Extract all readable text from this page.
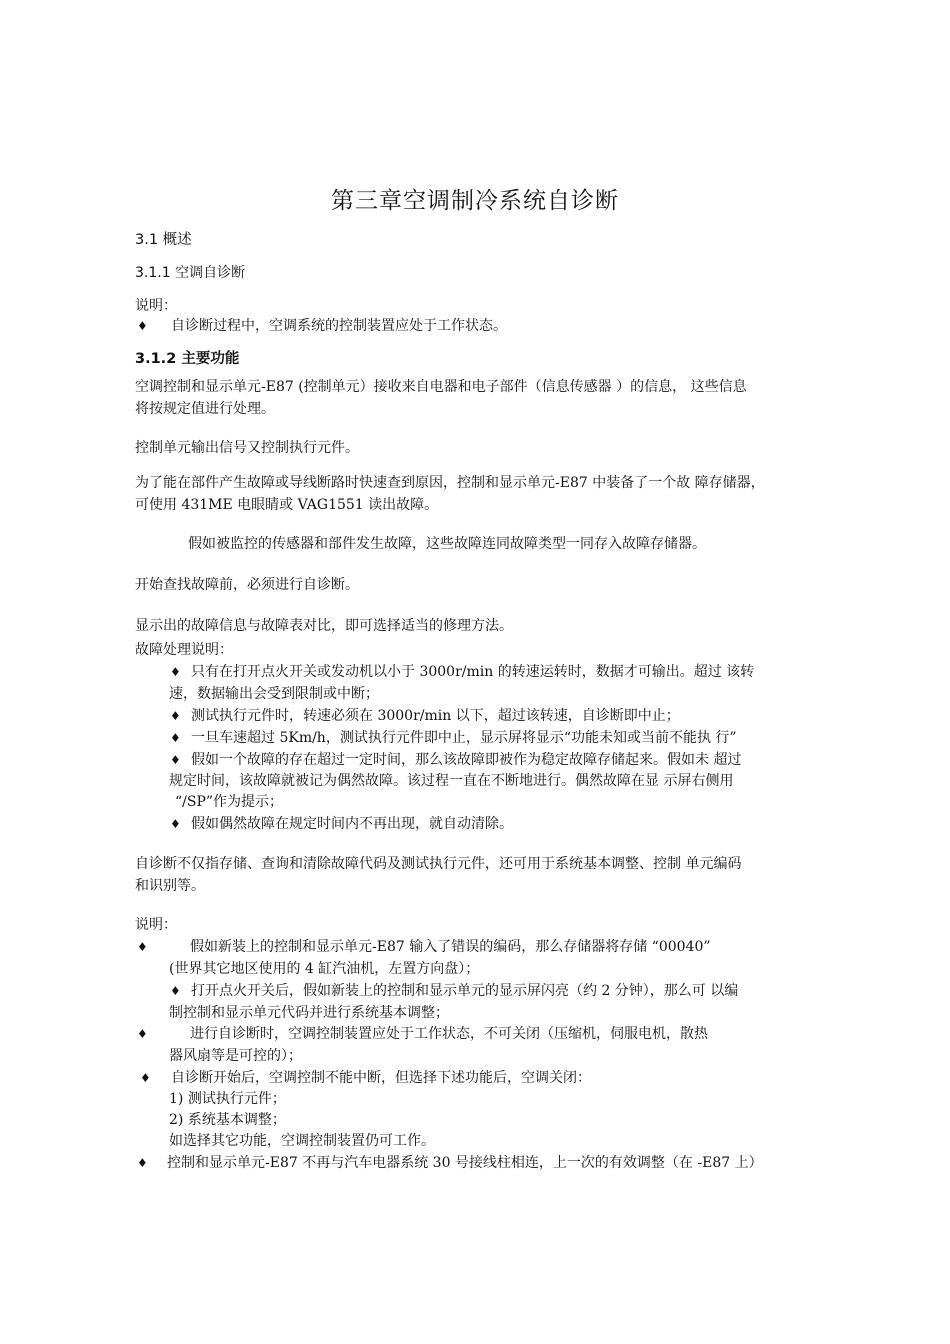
第三章空调制冷系统自诊断
3.1 概述
3.1.1 空调自诊断
说明：
♦ 自诊断过程中，空调系统的控制装置应处于工作状态。
3.1.2 主要功能
空调控制和显示单元-E87 (控制单元）接收来自电器和电子部件（信息传感器 ）的信息， 这些信息
将按规定值进行处理。
控制单元输出信号又控制执行元件。
为了能在部件产生故障或导线断路时快速查到原因，控制和显示单元-E87 中装备了一个故 障存储器，
可使用 431ME 电眼睛或 VAG1551 读出故障。
假如被监控的传感器和部件发生故障，这些故障连同故障类型一同存入故障存储器。
开始查找故障前，必须进行自诊断。
显示出的故障信息与故障表对比，即可选择适当的修理方法。
故障处理说明：
♦ 只有在打开点火开关或发动机以小于 3000r/min 的转速运转时，数据才可输出。超过 该转
速，数据输出会受到限制或中断；
♦ 测试执行元件时，转速必须在 3000r/min 以下，超过该转速，自诊断即中止；
♦ 一旦车速超过 5Km/h，测试执行元件即中止，显示屏将显示“功能未知或当前不能执 行”
♦ 假如一个故障的存在超过一定时间，那么该故障即被作为稳定故障存储起来。假如未 超过
规定时间，该故障就被记为偶然故障。该过程一直在不断地进行。偶然故障在显 示屏右侧用
“/SP”作为提示；
♦ 假如偶然故障在规定时间内不再出现，就自动清除。
自诊断不仅指存储、查询和清除故障代码及测试执行元件，还可用于系统基本调整、控制 单元编码
和识别等。
说明：
♦	假如新装上的控制和显示单元-E87 输入了错误的编码，那么存储器将存储 “00040”
(世界其它地区使用的 4 缸汽油机，左置方向盘）；
♦ 打开点火开关后，假如新装上的控制和显示单元的显示屏闪亮（约 2 分钟），那么可 以编
制控制和显示单元代码并进行系统基本调整；
♦	进行自诊断时，空调控制装置应处于工作状态，不可关闭（压缩机，伺服电机，散热
器风扇等是可控的）；
♦ 自诊断开始后，空调控制不能中断，但选择下述功能后，空调关闭：
1) 测试执行元件；
2) 系统基本调整；
如选择其它功能，空调控制装置仍可工作。
♦ 控制和显示单元-E87 不再与汽车电器系统 30 号接线柱相连，上一次的有效调整（在 -E87 上）
